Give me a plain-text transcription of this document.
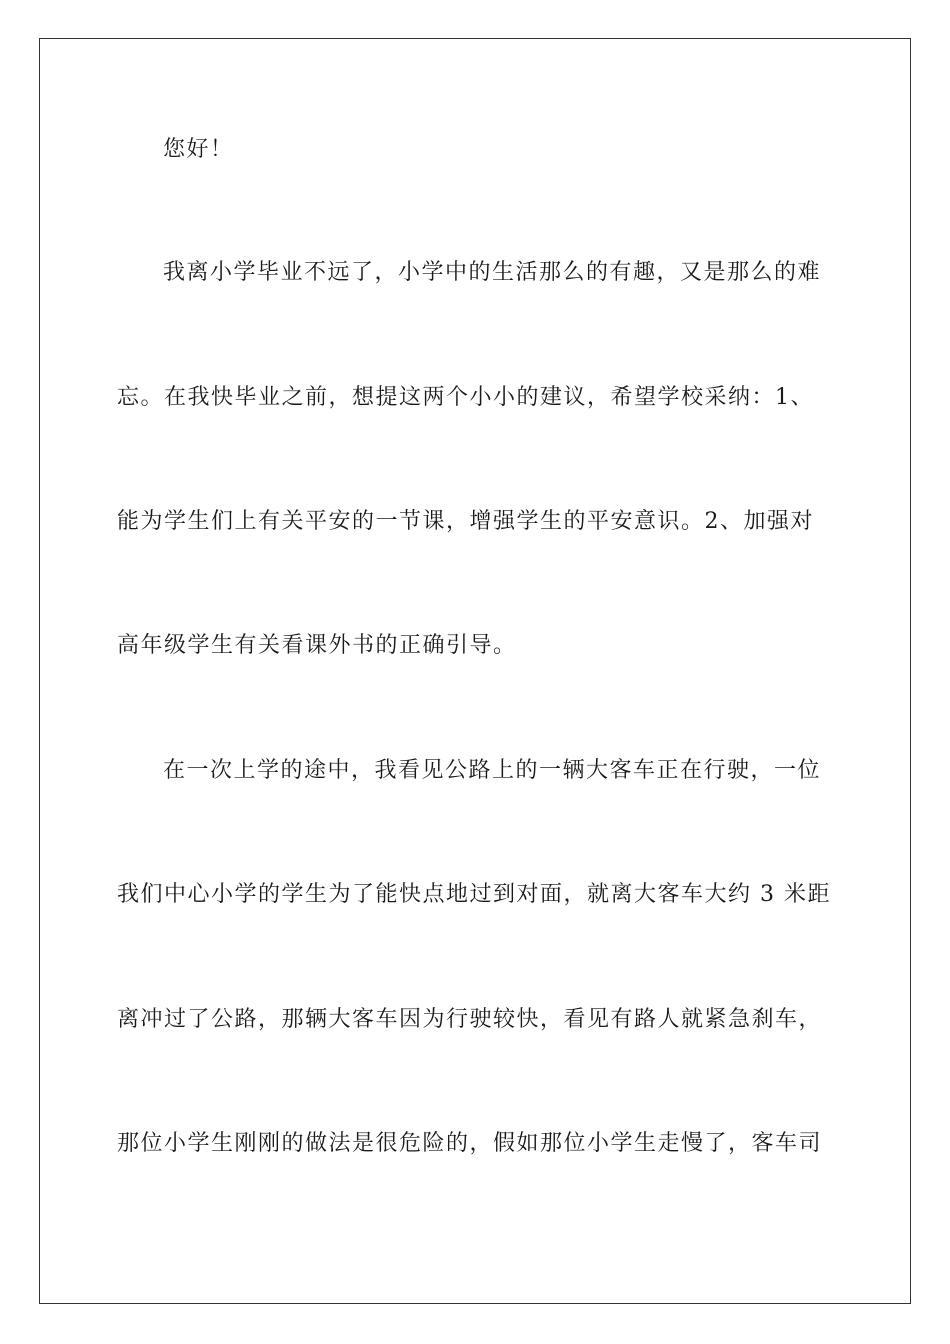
您好！
我离小学毕业不远了，小学中的生活那么的有趣，又是那么的难
忘。在我快毕业之前，想提这两个小小的建议，希望学校采纳：1、
能为学生们上有关平安的一节课，增强学生的平安意识。2、加强对
高年级学生有关看课外书的正确引导。
在一次上学的途中，我看见公路上的一辆大客车正在行驶，一位
我们中心小学的学生为了能快点地过到对面，就离大客车大约 3 米距
离冲过了公路，那辆大客车因为行驶较快，看见有路人就紧急刹车，
那位小学生刚刚的做法是很危险的，假如那位小学生走慢了，客车司
